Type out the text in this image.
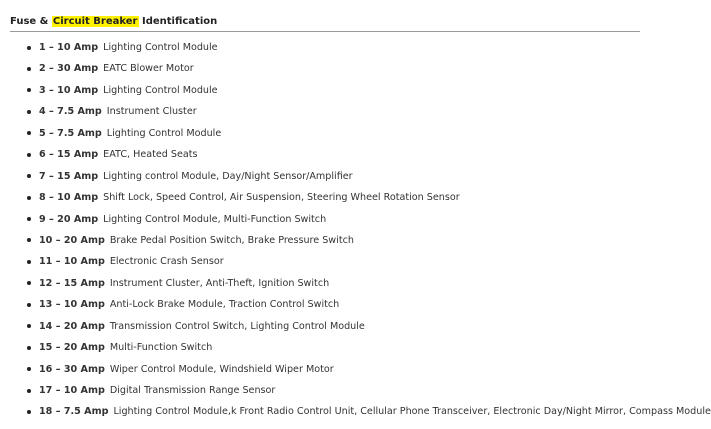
Fuse & Circuit Breaker Identification
1 – 10 Amp Lighting Control Module
2 – 30 Amp EATC Blower Motor
3 – 10 Amp Lighting Control Module
4 – 7.5 Amp Instrument Cluster
5 – 7.5 Amp Lighting Control Module
6 – 15 Amp EATC, Heated Seats
7 – 15 Amp Lighting control Module, Day/Night Sensor/Amplifier
8 – 10 Amp Shift Lock, Speed Control, Air Suspension, Steering Wheel Rotation Sensor
9 – 20 Amp Lighting Control Module, Multi-Function Switch
10 – 20 Amp Brake Pedal Position Switch, Brake Pressure Switch
11 – 10 Amp Electronic Crash Sensor
12 – 15 Amp Instrument Cluster, Anti-Theft, Ignition Switch
13 – 10 Amp Anti-Lock Brake Module, Traction Control Switch
14 – 20 Amp Transmission Control Switch, Lighting Control Module
15 – 20 Amp Multi-Function Switch
16 – 30 Amp Wiper Control Module, Windshield Wiper Motor
17 – 10 Amp Digital Transmission Range Sensor
18 – 7.5 Amp Lighting Control Module,k Front Radio Control Unit, Cellular Phone Transceiver, Electronic Day/Night Mirror, Compass Module
